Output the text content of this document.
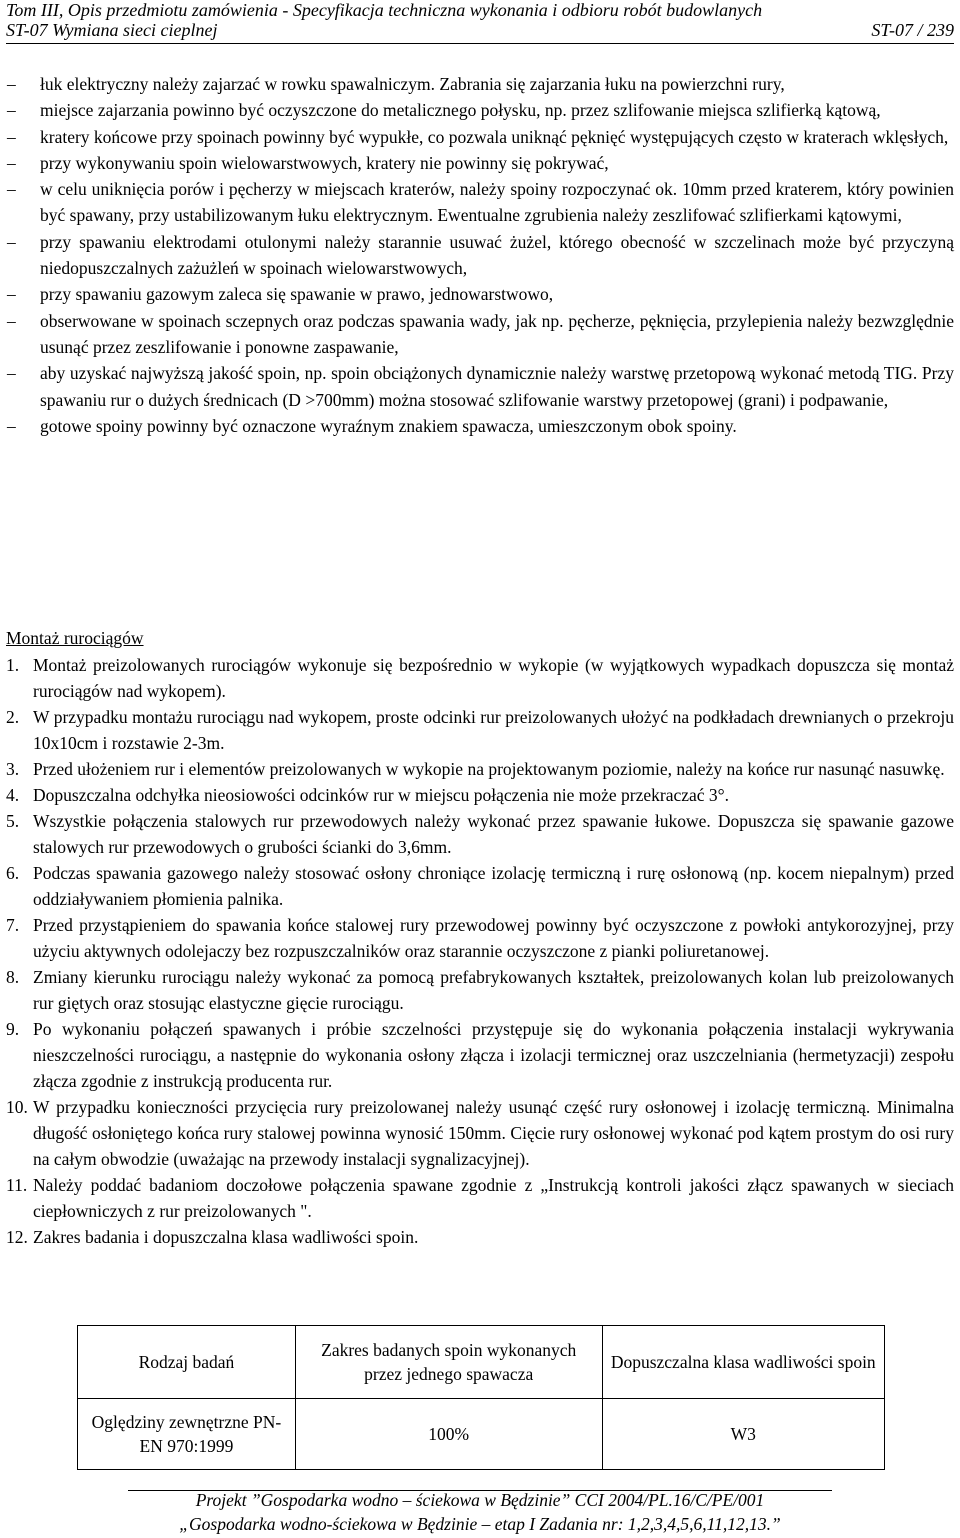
Tom III, Opis przedmiotu zamówienia - Specyfikacja techniczna wykonania i odbioru robót budowlanych
ST-07 Wymiana sieci cieplnej	ST-07 / 239
– łuk elektryczny należy zajarzać w rowku spawalniczym. Zabrania się zajarzania łuku na powierzchni rury,
– miejsce zajarzania powinno być oczyszczone do metalicznego połysku, np. przez szlifowanie miejsca szlifierką kątową,
– kratery końcowe przy spoinach powinny być wypukłe, co pozwala uniknąć pęknięć występujących często w kraterach wklęsłych,
– przy wykonywaniu spoin wielowarstwowych, kratery nie powinny się pokrywać,
– w celu uniknięcia porów i pęcherzy w miejscach kraterów, należy spoiny rozpoczynać ok. 10mm przed kraterem, który powinien być spawany, przy ustabilizowanym łuku elektrycznym. Ewentualne zgrubienia należy zeszlifować szlifierkami kątowymi,
– przy spawaniu elektrodami otulonymi należy starannie usuwać żużel, którego obecność w szczelinach może być przyczyną niedopuszczalnych zażużleń w spoinach wielowarstwowych,
– przy spawaniu gazowym zaleca się spawanie w prawo, jednowarstwowo,
– obserwowane w spoinach sczepnych oraz podczas spawania wady, jak np. pęcherze, pęknięcia, przylepienia należy bezwzględnie usunąć przez zeszlifowanie i ponowne zaspawanie,
– aby uzyskać najwyższą jakość spoin, np. spoin obciążonych dynamicznie należy warstwę przetopową wykonać metodą TIG. Przy spawaniu rur o dużych średnicach (D >700mm) można stosować szlifowanie warstwy przetopowej (grani) i podpawanie,
– gotowe spoiny powinny być oznaczone wyraźnym znakiem spawacza, umieszczonym obok spoiny.
Montaż rurociągów
1. Montaż preizolowanych rurociągów wykonuje się bezpośrednio w wykopie (w wyjątkowych wypadkach dopuszcza się montaż rurociągów nad wykopem).
2. W przypadku montażu rurociągu nad wykopem, proste odcinki rur preizolowanych ułożyć na podkładach drewnianych o przekroju 10x10cm i rozstawie 2-3m.
3. Przed ułożeniem rur i elementów preizolowanych w wykopie na projektowanym poziomie, należy na końce rur nasunąć nasuwkę.
4. Dopuszczalna odchyłka nieosiowości odcinków rur w miejscu połączenia nie może przekraczać 3°.
5. Wszystkie połączenia stalowych rur przewodowych należy wykonać przez spawanie łukowe. Dopuszcza się spawanie gazowe stalowych rur przewodowych o grubości ścianki do 3,6mm.
6. Podczas spawania gazowego należy stosować osłony chroniące izolację termiczną i rurę osłonową (np. kocem niepalnym) przed oddziaływaniem płomienia palnika.
7. Przed przystąpieniem do spawania końce stalowej rury przewodowej powinny być oczyszczone z powłoki antykorozyjnej, przy użyciu aktywnych odolejaczy bez rozpuszczalników oraz starannie oczyszczone z pianki poliuretanowej.
8. Zmiany kierunku rurociągu należy wykonać za pomocą prefabrykowanych kształtek, preizolowanych kolan lub preizolowanych rur giętych oraz stosując elastyczne gięcie rurociągu.
9. Po wykonaniu połączeń spawanych i próbie szczelności przystępuje się do wykonania połączenia instalacji wykrywania nieszczelności rurociągu, a następnie do wykonania osłony złącza i izolacji termicznej oraz uszczelniania (hermetyzacji) zespołu złącza zgodnie z instrukcją producenta rur.
10. W przypadku konieczności przycięcia rury preizolowanej należy usunąć część rury osłonowej i izolację termiczną. Minimalna długość osłoniętego końca rury stalowej powinna wynosić 150mm. Cięcie rury osłonowej wykonać pod kątem prostym do osi rury na całym obwodzie (uważając na przewody instalacji sygnalizacyjnej).
11. Należy poddać badaniom doczołowe połączenia spawane zgodnie z „Instrukcją kontroli jakości złącz spawanych w sieciach ciepłowniczych z rur preizolowanych ".
12. Zakres badania i dopuszczalna klasa wadliwości spoin.
Rodzaj badań	Zakres badanych spoin wykonanych przez jednego spawacza	Dopuszczalna klasa wadliwości spoin
Oględziny zewnętrzne PN-EN 970:1999	100%	W3
Projekt ”Gospodarka wodno – ściekowa w Będzinie” CCI 2004/PL.16/C/PE/001
„Gospodarka wodno-ściekowa w Będzinie – etap I Zadania nr: 1,2,3,4,5,6,11,12,13.”
